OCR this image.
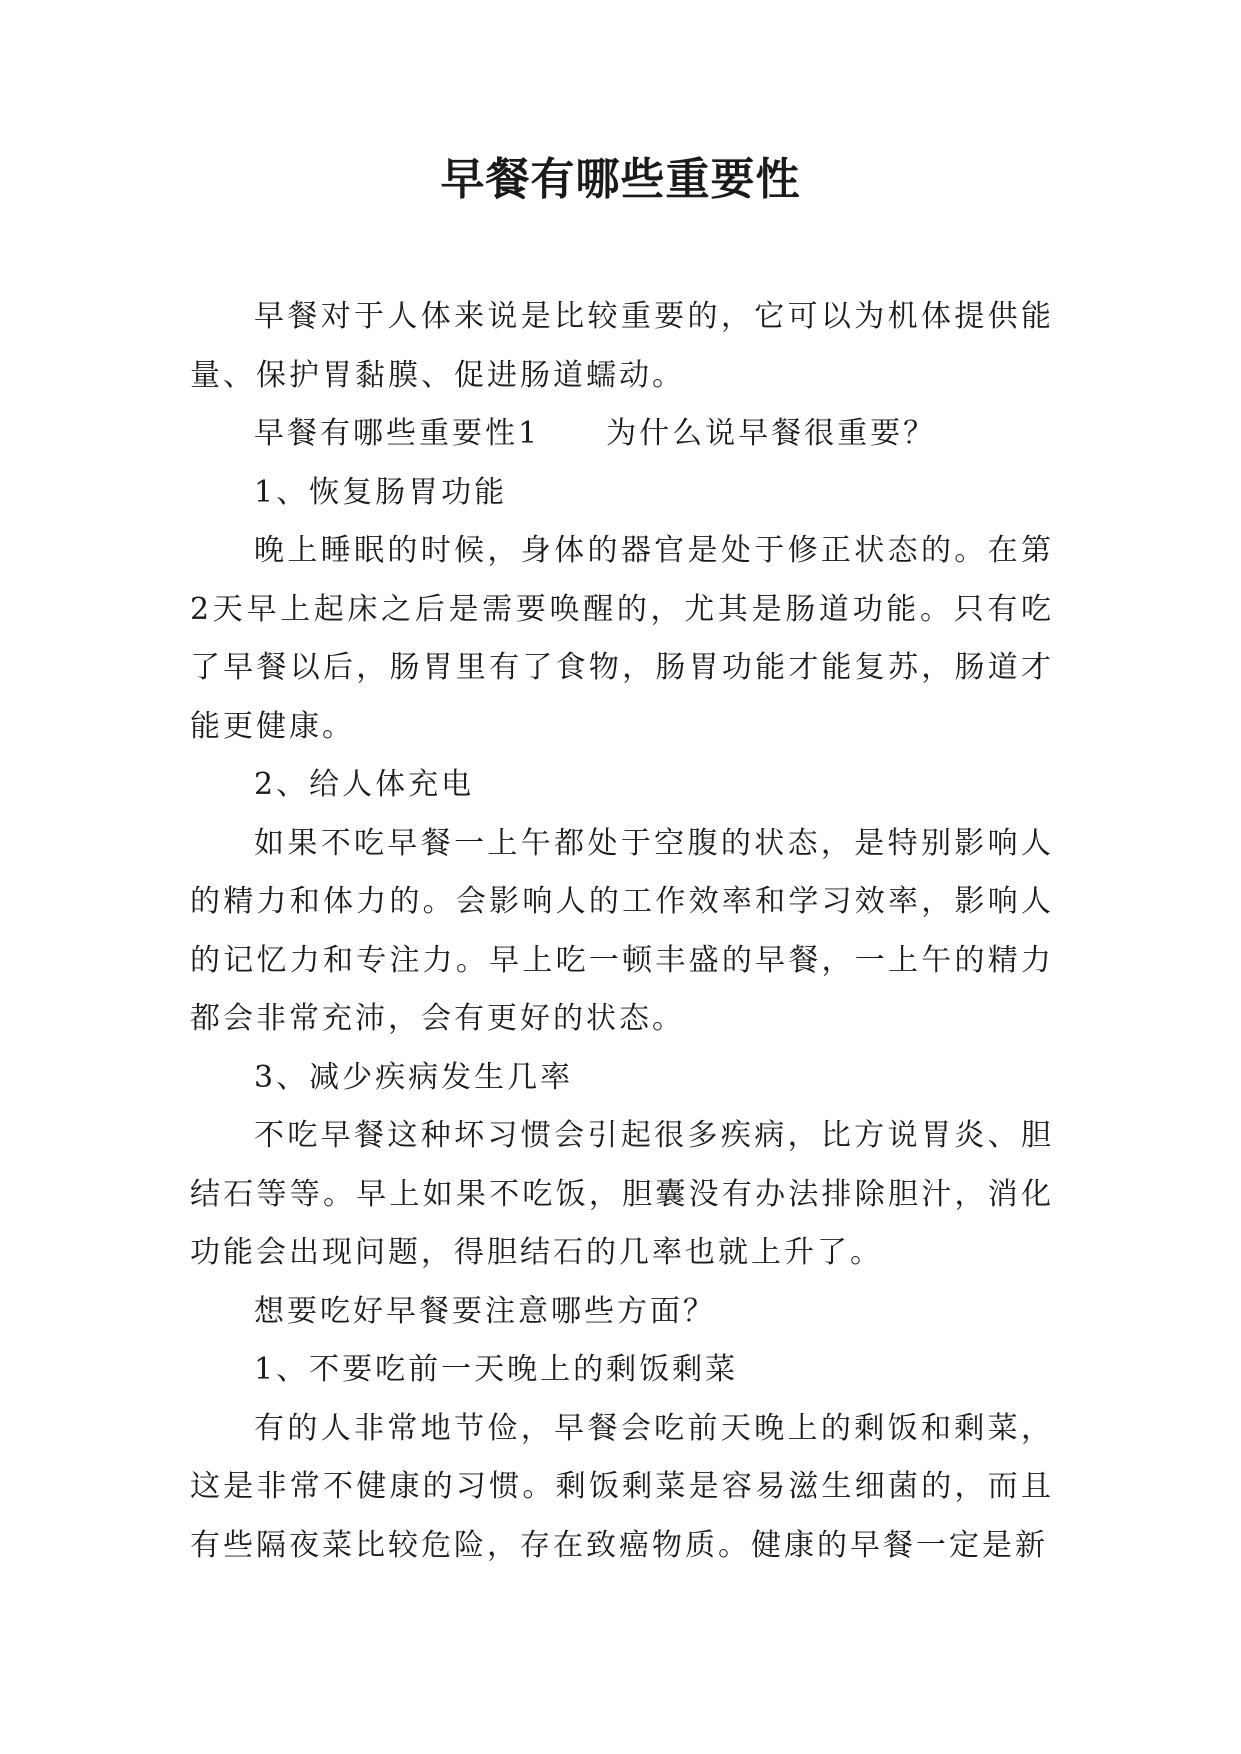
早餐有哪些重要性

早餐对于人体来说是比较重要的，它可以为机体提供能量、保护胃黏膜、促进肠道蠕动。

早餐有哪些重要性1　　为什么说早餐很重要？

1、恢复肠胃功能

晚上睡眠的时候，身体的器官是处于修正状态的。在第2天早上起床之后是需要唤醒的，尤其是肠道功能。只有吃了早餐以后，肠胃里有了食物，肠胃功能才能复苏，肠道才能更健康。

2、给人体充电

如果不吃早餐一上午都处于空腹的状态，是特别影响人的精力和体力的。会影响人的工作效率和学习效率，影响人的记忆力和专注力。早上吃一顿丰盛的早餐，一上午的精力都会非常充沛，会有更好的状态。

3、减少疾病发生几率

不吃早餐这种坏习惯会引起很多疾病，比方说胃炎、胆结石等等。早上如果不吃饭，胆囊没有办法排除胆汁，消化功能会出现问题，得胆结石的几率也就上升了。

想要吃好早餐要注意哪些方面？

1、不要吃前一天晚上的剩饭剩菜

有的人非常地节俭，早餐会吃前天晚上的剩饭和剩菜，这是非常不健康的习惯。剩饭剩菜是容易滋生细菌的，而且有些隔夜菜比较危险，存在致癌物质。健康的早餐一定是新
